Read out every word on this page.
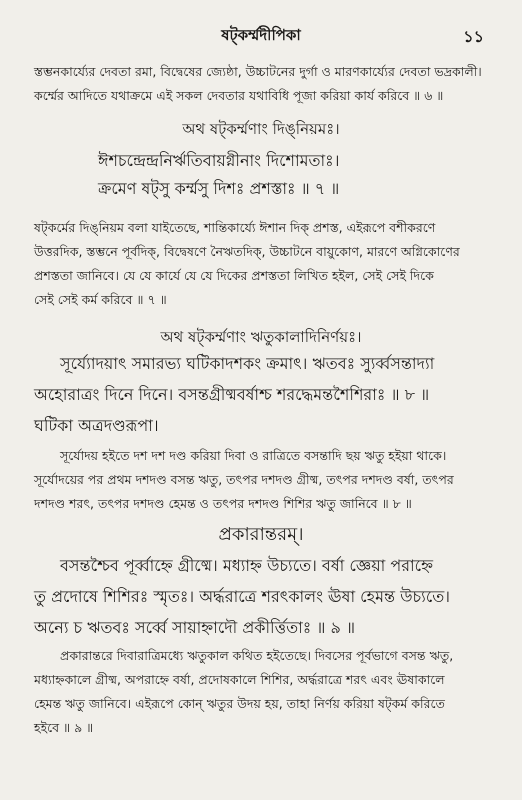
ষট্‌কর্ম্মদীপিকা	১১
স্তম্ভনকার্য্যের দেবতা রমা, বিদ্বেষের জ্যেষ্ঠা, উচ্চাটনের দুর্গা ও মারণকার্য্যের দেবতা ভদ্রকালী।
কর্ম্মের আদিতে যথাক্রমে এই সকল দেবতার যথাবিধি পূজা করিয়া কার্য করিবে ॥ ৬ ॥
অথ ষট্‌কর্ম্মণাং দিঙ্‌নিয়মঃ।
ঈশচন্দ্রেন্দ্রনির্ঋতিবায়গ্নীনাং দিশোমতাঃ।
ক্রমেণ ষট্‌সু কর্ম্মসু দিশঃ প্রশস্তাঃ ॥ ৭ ॥
ষট্‌কর্মের দিঙ্‌নিয়ম বলা যাইতেছে, শান্তিকার্য্যে ঈশান দিক্‌ প্রশস্ত, এইরূপে বশীকরণে
উত্তরদিক, স্তম্ভনে পূর্বদিক্‌, বিদ্বেষণে নৈঋতদিক্‌, উচ্চাটনে বায়ুকোণ, মারণে অগ্নিকোণের
প্রশস্ততা জানিবে। যে যে কার্যে যে যে দিকের প্রশস্ততা লিখিত হইল, সেই সেই দিকে
সেই সেই কর্ম করিবে ॥ ৭ ॥
অথ ষট্‌কর্ম্মণাং ঋতুকালাদিনির্ণয়ঃ।
সূর্য্যোদয়াৎ সমারভ্য ঘটিকাদশকং ক্রমাৎ। ঋতবঃ স্যুর্ব্বসন্তাদ্যা
অহোরাত্রং দিনে দিনে। বসন্তগ্রীষ্মবর্ষাশ্চ শরদ্ধেমন্তশৈশিরাঃ ॥ ৮ ॥
ঘটিকা অত্রদণ্ডরূপা।
সূর্যোদয় হইতে দশ দশ দণ্ড করিয়া দিবা ও রাত্রিতে বসন্তাদি ছয় ঋতু হইয়া থাকে।
সূর্যোদয়ের পর প্রথম দশদণ্ড বসন্ত ঋতু, তৎপর দশদণ্ড গ্রীষ্ম, তৎপর দশদণ্ড বর্ষা, তৎপর
দশদণ্ড শরৎ, তৎপর দশদণ্ড হেমন্ত ও তৎপর দশদণ্ড শিশির ঋতু জানিবে ॥ ৮ ॥
প্রকারান্তরম্‌।
বসন্তশ্চৈব পূর্ব্বাহ্নে গ্রীষ্মে। মধ্যাহ্ন উচ্যতে। বর্ষা জ্ঞেয়া পরাহ্নে
তু প্রদোষে শিশিরঃ স্মৃতঃ। অর্দ্ধরাত্রে শরৎকালং ঊষা হেমন্ত উচ্যতে।
অন্যে চ ঋতবঃ সর্ব্বে সায়াহ্নাদৌ প্রকীর্ত্তিতাঃ ॥ ৯ ॥
প্রকারান্তরে দিবারাত্রিমধ্যে ঋতুকাল কথিত হইতেছে। দিবসের পূর্বভাগে বসন্ত ঋতু,
মধ্যাহ্নকালে গ্রীষ্ম, অপরাহ্নে বর্ষা, প্রদোষকালে শিশির, অর্দ্ধরাত্রে শরৎ এবং ঊষাকালে
হেমন্ত ঋতু জানিবে। এইরূপে কোন্‌ ঋতুর উদয় হয়, তাহা নির্ণয় করিয়া ষট্‌কর্ম করিতে
হইবে ॥ ৯ ॥
